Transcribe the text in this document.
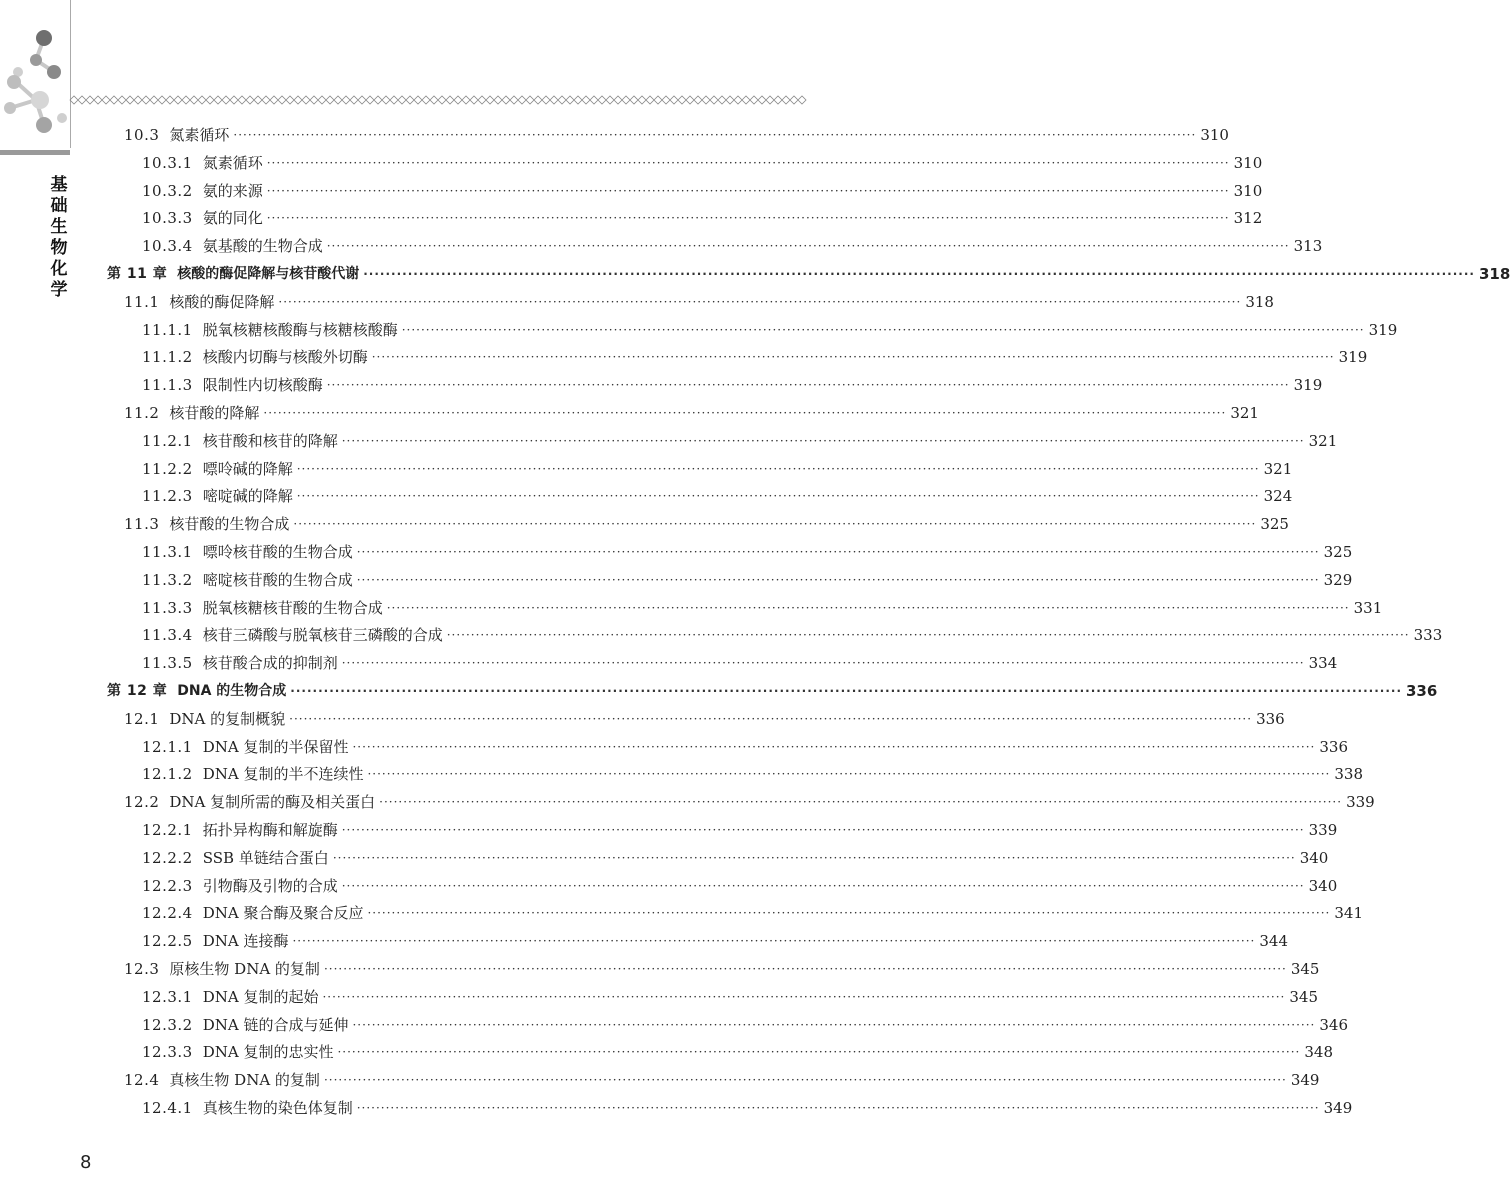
基
础
生
物
化
学
10.3 氮素循环 ········································································································································································································ 310
10.3.1 氮素循环 ········································································································································································································ 310
10.3.2 氨的来源 ········································································································································································································ 310
10.3.3 氨的同化 ········································································································································································································ 312
10.3.4 氨基酸的生物合成 ········································································································································································································ 313
第 11 章 核酸的酶促降解与核苷酸代谢 ········································································································································································································ 318
11.1 核酸的酶促降解 ········································································································································································································ 318
11.1.1 脱氧核糖核酸酶与核糖核酸酶 ········································································································································································································ 319
11.1.2 核酸内切酶与核酸外切酶 ········································································································································································································ 319
11.1.3 限制性内切核酸酶 ········································································································································································································ 319
11.2 核苷酸的降解 ········································································································································································································ 321
11.2.1 核苷酸和核苷的降解 ········································································································································································································ 321
11.2.2 嘌呤碱的降解 ········································································································································································································ 321
11.2.3 嘧啶碱的降解 ········································································································································································································ 324
11.3 核苷酸的生物合成 ········································································································································································································ 325
11.3.1 嘌呤核苷酸的生物合成 ········································································································································································································ 325
11.3.2 嘧啶核苷酸的生物合成 ········································································································································································································ 329
11.3.3 脱氧核糖核苷酸的生物合成 ········································································································································································································ 331
11.3.4 核苷三磷酸与脱氧核苷三磷酸的合成 ········································································································································································································ 333
11.3.5 核苷酸合成的抑制剂 ········································································································································································································ 334
第 12 章 DNA 的生物合成 ········································································································································································································ 336
12.1 DNA 的复制概貌 ········································································································································································································ 336
12.1.1 DNA 复制的半保留性 ········································································································································································································ 336
12.1.2 DNA 复制的半不连续性 ········································································································································································································ 338
12.2 DNA 复制所需的酶及相关蛋白 ········································································································································································································ 339
12.2.1 拓扑异构酶和解旋酶 ········································································································································································································ 339
12.2.2 SSB 单链结合蛋白 ········································································································································································································ 340
12.2.3 引物酶及引物的合成 ········································································································································································································ 340
12.2.4 DNA 聚合酶及聚合反应 ········································································································································································································ 341
12.2.5 DNA 连接酶 ········································································································································································································ 344
12.3 原核生物 DNA 的复制 ········································································································································································································ 345
12.3.1 DNA 复制的起始 ········································································································································································································ 345
12.3.2 DNA 链的合成与延伸 ········································································································································································································ 346
12.3.3 DNA 复制的忠实性 ········································································································································································································ 348
12.4 真核生物 DNA 的复制 ········································································································································································································ 349
12.4.1 真核生物的染色体复制 ········································································································································································································ 349
8
